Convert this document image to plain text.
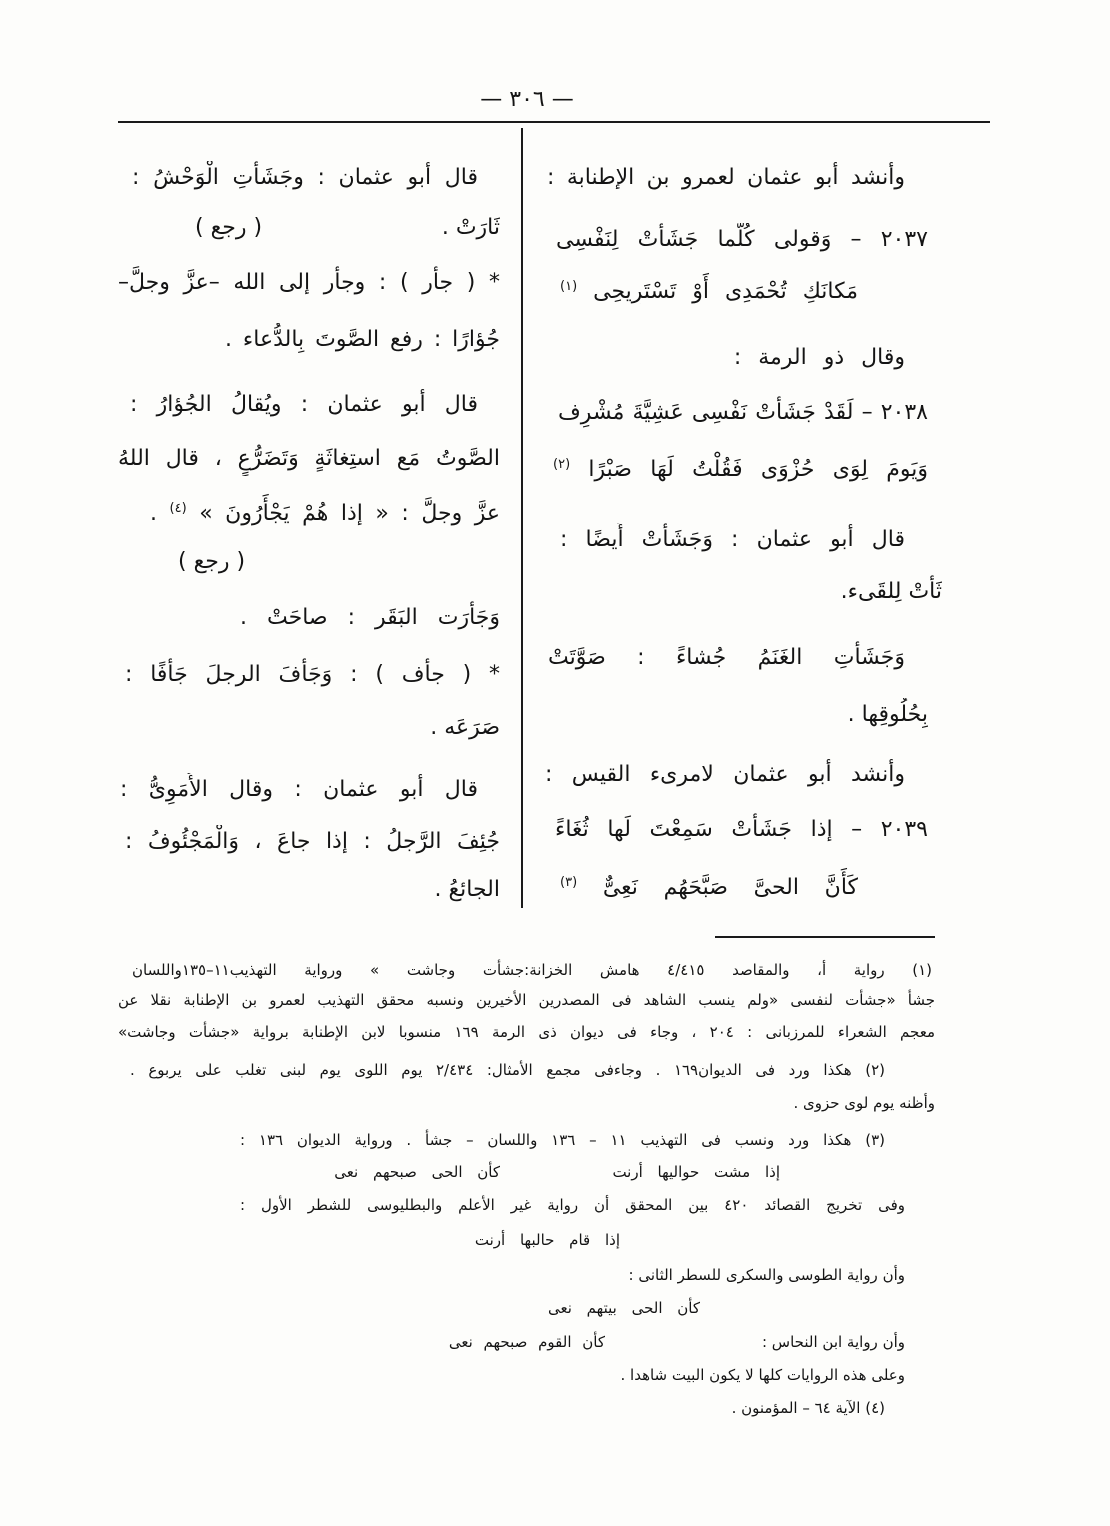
— ٣٠٦ —
وأنشد أبو عثمان لعمرو بن الإطنابة :
٢٠٣٧ – وَقولى كُلَّما جَشَأَتْ لِنَفْسِى
مَكانَكِ تُحْمَدِى أَوْ تَسْتَرِيحِى $^{(١)}$
وقال ذو الرمة :
٢٠٣٨ – لَقَدْ جَشَأَتْ نَفْسِى عَشِيَّةَ مُشْرِف
وَيَومَ لِوَى حُزْوَى فَقُلْتُ لَهَا صَبْرًا $^{(٢)}$
قال أبو عثمان : وَجَشَأَتْ أَيضًا :
ثَأَتْ لِلقَىء.
وَجَشَأَتِ الغَنَمُ جُشاءً : صَوَّتَتْ
بِحُلُوقِها .
وأنشد أبو عثمان لامرىء القيس :
٢٠٣٩ – إذا جَشَأَتْ سَمِعْتَ لَها ثُغَاءً
كَأَنَّ الحىَّ صَبَّحَهُم نَعِىٌّ $^{(٣)}$
قال أبو عثمان : وجَشَأَتِ الْوَحْشُ :
ثَارَتْ .
( رجع )
* ( جأر ) : وجأر إلى الله –عزَّ وجلَّ–
جُؤارًا : رفع الصَّوتَ بِالدُّعاء .
قال أبو عثمان : ويُقالُ الجُؤارُ :
الصَّوتُ مَع استِغاثَةٍ وَتَضَرُّعٍ ، قال اللهُ
عزَّ وجلَّ : « إذا هُمْ يَجْأَرُونَ » $^{(٤)}$ .
( رجع )
وَجَأَرَت البَقَر : صاحَتْ .
* ( جأف ) : وَجَأَفَ الرجلَ جَأْفًا :
صَرَعَه .
قال أبو عثمان : وقال الأُمَوِىُّ :
جُئِفَ الرَّجلُ : إذا جاعَ ، وَالْمَجْئُوفُ :
الجائعُ .
(١) رواية أ، والمقاصد ٤/٤١٥ هامش الخزانة:جشأت وجاشت » ورواية التهذيب١١–١٣٥واللسان
جشأ «جشأت لنفسى «ولم ينسب الشاهد فى المصدرين الأخيرين ونسبه محقق التهذيب لعمرو بن الإطنابة نقلا عن
معجم الشعراء للمرزبانى : ٢٠٤ ، وجاء فى ديوان ذى الرمة ١٦٩ منسوبا لابن الإطنابة برواية «جشأت وجاشت»
(٢) هكذا ورد فى الديوان١٦٩ . وجاءفى مجمع الأمثال: ٢/٤٣٤ يوم اللوى يوم لبنى تغلب على يربوع .
وأظنه يوم لوى حزوى .
(٣) هكذا ورد ونسب فى التهذيب ١١ – ١٣٦ واللسان – جشأ . ورواية الديوان ١٣٦ :
إذا مشت حواليها أرنت
كأن الحى صبحهم نعى
وفى تخريج القصائد ٤٢٠ بين المحقق أن رواية غير الأعلم والبطليوسى للشطر الأول :
إذا قام حالبها أرنت
وأن رواية الطوسى والسكرى للسطر الثانى :
كأن الحى بيتهم نعى
وأن رواية ابن النحاس :
كأن القوم صبحهم نعى
وعلى هذه الروايات كلها لا يكون البيت شاهدا .
(٤) الآية ٦٤ – المؤمنون .
